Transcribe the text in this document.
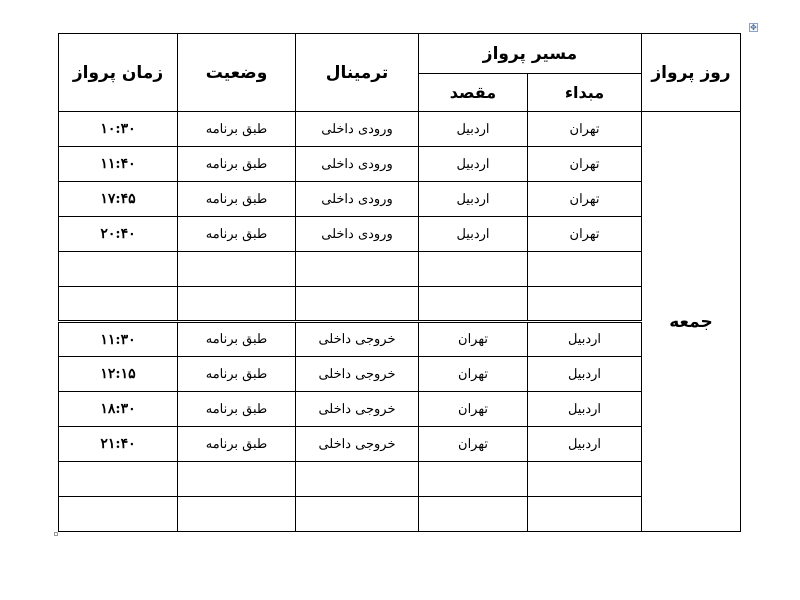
✥
زمان پرواز	وضعیت	ترمینال	مسیر پرواز		روز پرواز
			مقصد	مبداء	
۱۰:۳۰	طبق برنامه	ورودی داخلی	اردبیل	تهران	جمعه
۱۱:۴۰	طبق برنامه	ورودی داخلی	اردبیل	تهران	
۱۷:۴۵	طبق برنامه	ورودی داخلی	اردبیل	تهران	
۲۰:۴۰	طبق برنامه	ورودی داخلی	اردبیل	تهران	

۱۱:۳۰	طبق برنامه	خروجی داخلی	تهران	اردبیل	
۱۲:۱۵	طبق برنامه	خروجی داخلی	تهران	اردبیل	
۱۸:۳۰	طبق برنامه	خروجی داخلی	تهران	اردبیل	
۲۱:۴۰	طبق برنامه	خروجی داخلی	تهران	اردبیل	
